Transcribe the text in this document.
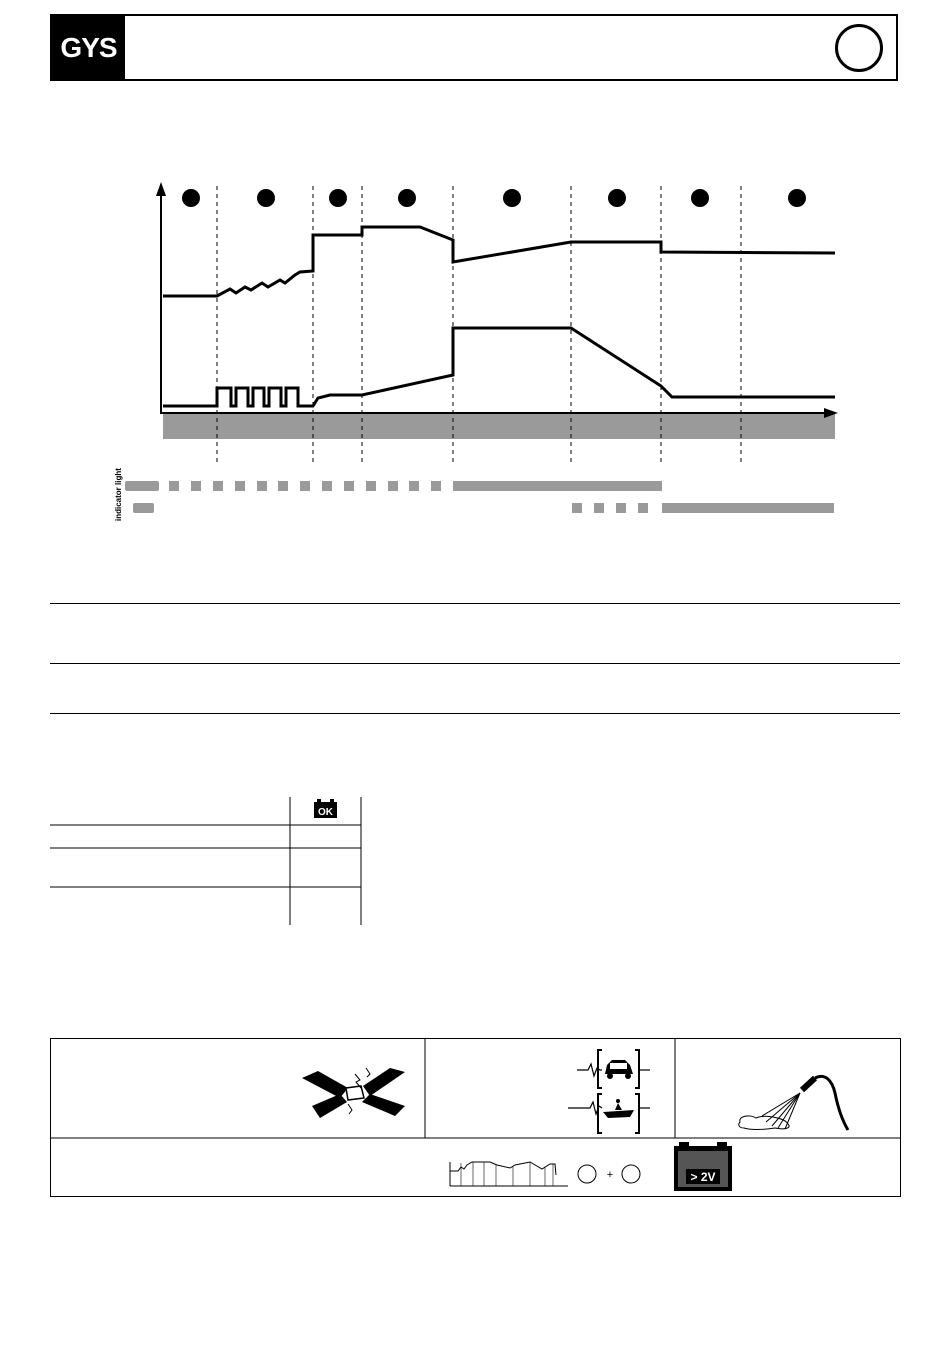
GYS
indicator light
OK
+	> 2V
